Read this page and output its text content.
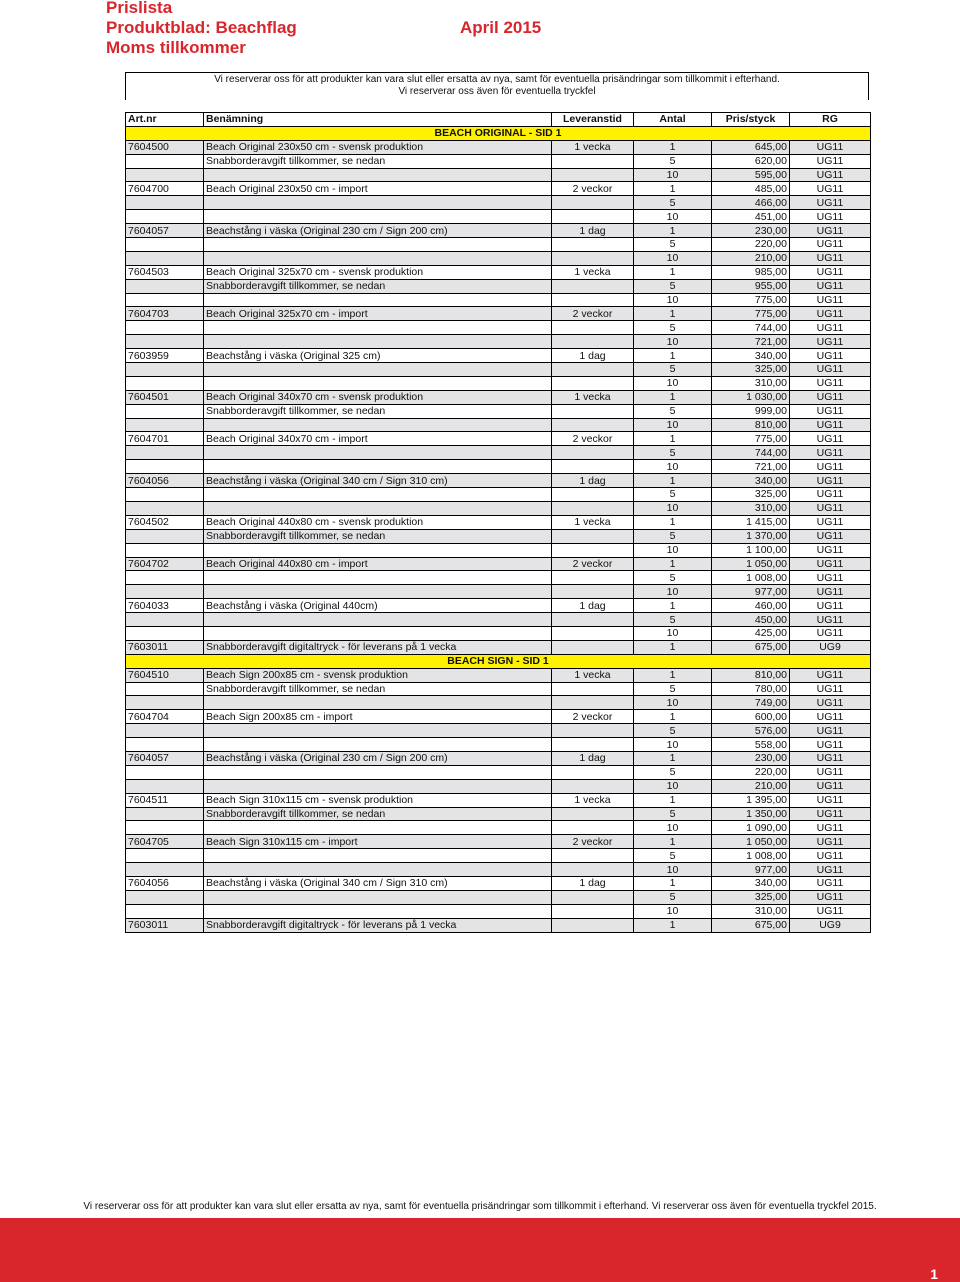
Prislista
Produktblad: Beachflag	April 2015
Moms tillkommer
Vi reserverar oss för att produkter kan vara slut eller ersatta av nya, samt för eventuella prisändringar som tillkommit i efterhand.
Vi reserverar oss även för eventuella tryckfel
Art.nr	Benämning	Leveranstid	Antal	Pris/styck	RG
BEACH ORIGINAL - SID 1					
7604500	Beach Original 230x50 cm - svensk produktion	1 vecka	1	645,00	UG11
	Snabborderavgift tillkommer, se nedan		5	620,00	UG11
			10	595,00	UG11
7604700	Beach Original 230x50 cm - import	2 veckor	1	485,00	UG11
			5	466,00	UG11
			10	451,00	UG11
7604057	Beachstång i väska (Original 230 cm / Sign 200 cm)	1 dag	1	230,00	UG11
			5	220,00	UG11
			10	210,00	UG11
7604503	Beach Original 325x70 cm - svensk produktion	1 vecka	1	985,00	UG11
	Snabborderavgift tillkommer, se nedan		5	955,00	UG11
			10	775,00	UG11
7604703	Beach Original 325x70 cm - import	2 veckor	1	775,00	UG11
			5	744,00	UG11
			10	721,00	UG11
7603959	Beachstång i väska (Original 325 cm)	1 dag	1	340,00	UG11
			5	325,00	UG11
			10	310,00	UG11
7604501	Beach Original 340x70 cm - svensk produktion	1 vecka	1	1 030,00	UG11
	Snabborderavgift tillkommer, se nedan		5	999,00	UG11
			10	810,00	UG11
7604701	Beach Original 340x70 cm - import	2 veckor	1	775,00	UG11
			5	744,00	UG11
			10	721,00	UG11
7604056	Beachstång i väska (Original 340 cm / Sign 310 cm)	1 dag	1	340,00	UG11
			5	325,00	UG11
			10	310,00	UG11
7604502	Beach Original 440x80 cm - svensk produktion	1 vecka	1	1 415,00	UG11
	Snabborderavgift tillkommer, se nedan		5	1 370,00	UG11
			10	1 100,00	UG11
7604702	Beach Original 440x80 cm - import	2 veckor	1	1 050,00	UG11
			5	1 008,00	UG11
			10	977,00	UG11
7604033	Beachstång i väska (Original 440cm)	1 dag	1	460,00	UG11
			5	450,00	UG11
			10	425,00	UG11
7603011	Snabborderavgift digitaltryck - för leverans på 1 vecka		1	675,00	UG9
BEACH SIGN - SID 1					
7604510	Beach Sign 200x85 cm - svensk produktion	1 vecka	1	810,00	UG11
	Snabborderavgift tillkommer, se nedan		5	780,00	UG11
			10	749,00	UG11
7604704	Beach Sign 200x85 cm - import	2 veckor	1	600,00	UG11
			5	576,00	UG11
			10	558,00	UG11
7604057	Beachstång i väska (Original 230 cm / Sign 200 cm)	1 dag	1	230,00	UG11
			5	220,00	UG11
			10	210,00	UG11
7604511	Beach Sign 310x115 cm - svensk produktion	1 vecka	1	1 395,00	UG11
	Snabborderavgift tillkommer, se nedan		5	1 350,00	UG11
			10	1 090,00	UG11
7604705	Beach Sign 310x115 cm - import	2 veckor	1	1 050,00	UG11
			5	1 008,00	UG11
			10	977,00	UG11
7604056	Beachstång i väska (Original 340 cm / Sign 310 cm)	1 dag	1	340,00	UG11
			5	325,00	UG11
			10	310,00	UG11
7603011	Snabborderavgift digitaltryck - för leverans på 1 vecka		1	675,00	UG9
Vi reserverar oss för att produkter kan vara slut eller ersatta av nya, samt för eventuella prisändringar som tillkommit i efterhand. Vi reserverar oss även för eventuella tryckfel 2015.
1
